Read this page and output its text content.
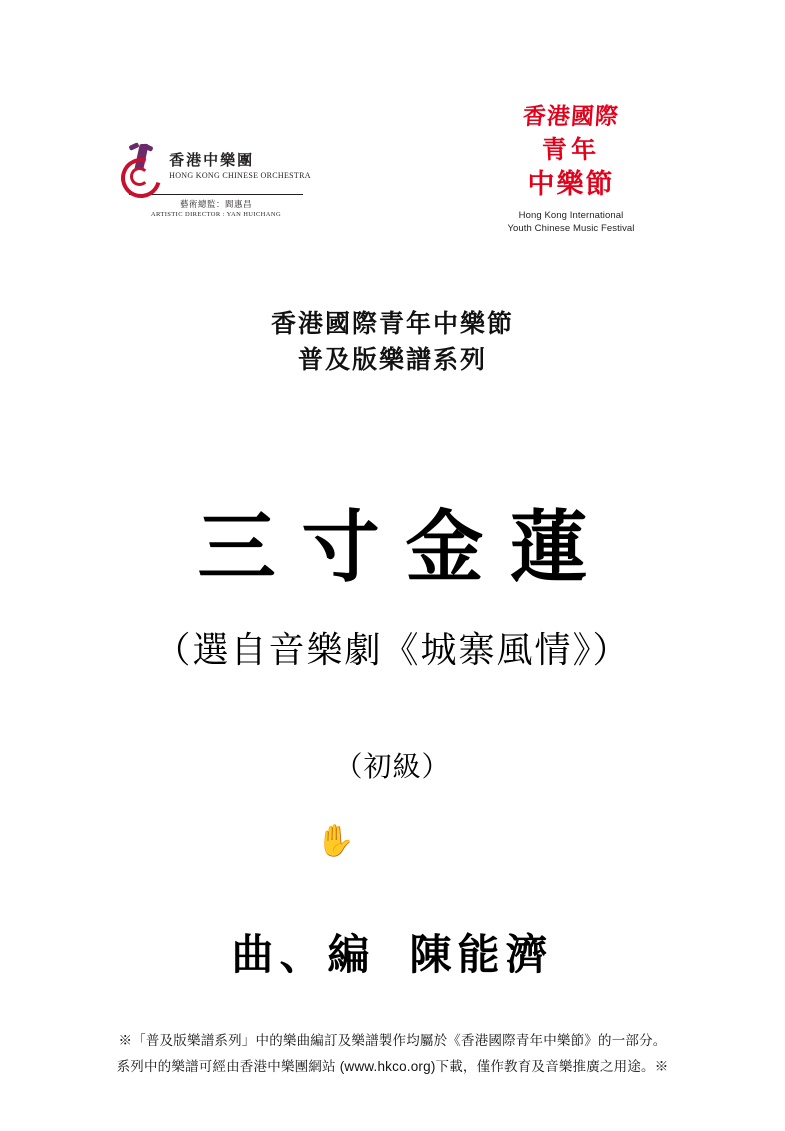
香港中樂團
HONG KONG CHINESE ORCHESTRA
藝術總監：閻惠昌
ARTISTIC DIRECTOR : YAN HUICHANG
香港國際
青年
中樂節
Hong Kong International
Youth Chinese Music Festival
香港國際青年中樂節
普及版樂譜系列
三寸金蓮
（選自音樂劇《城寨風情》）
（初級）
✋
曲、編 陳能濟
※「普及版樂譜系列」中的樂曲編訂及樂譜製作均屬於《香港國際青年中樂節》的一部分。
系列中的樂譜可經由香港中樂團網站 (www.hkco.org)下載，僅作教育及音樂推廣之用途。※
